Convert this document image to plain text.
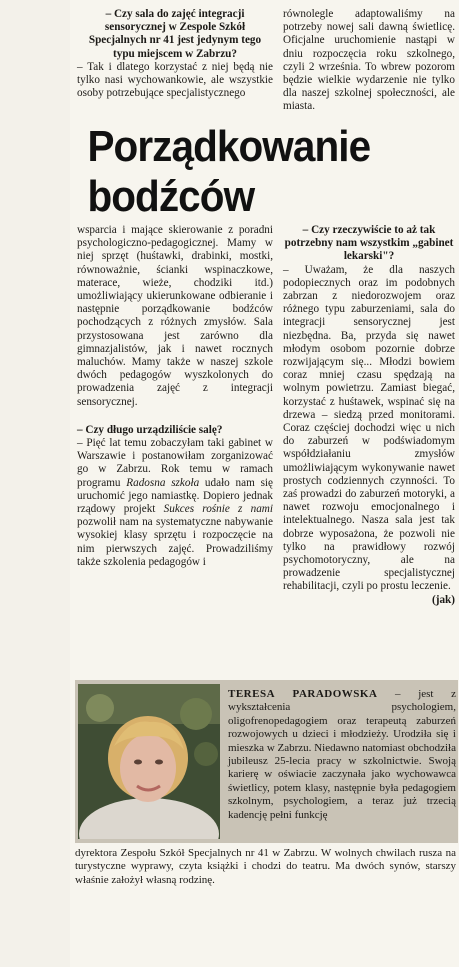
– Czy sala do zajęć integracji sensorycznej w Zespole Szkół Specjalnych nr 41 jest jedynym tego typu miejscem w Zabrzu?

– Tak i dlatego korzystać z niej będą nie tylko nasi wychowankowie, ale wszystkie osoby potrzebujące specjalistycznego

równolegle adaptowaliśmy na potrzeby nowej sali dawną świetlicę. Oficjalne uruchomienie nastąpi w dniu rozpoczęcia roku szkolnego, czyli 2 września. To wbrew pozorom będzie wielkie wydarzenie nie tylko dla naszej szkolnej społeczności, ale miasta.

Porządkowanie bodźców

wsparcia i mające skierowanie z poradni psychologiczno-pedagogicznej. Mamy w niej sprzęt (huśtawki, drabinki, mostki, równoważnie, ścianki wspinaczkowe, materace, wieże, chodziki itd.) umożliwiający ukierunkowane odbieranie i następnie porządkowanie bodźców pochodzących z różnych zmysłów. Sala przystosowana jest zarówno dla gimnazjalistów, jak i nawet rocznych maluchów. Mamy także w naszej szkole dwóch pedagogów wyszkolonych do prowadzenia zajęć z integracji sensorycznej.

– Czy długo urządziliście salę?

– Pięć lat temu zobaczyłam taki gabinet w Warszawie i postanowiłam zorganizować go w Zabrzu. Rok temu w ramach programu Radosna szkoła udało nam się uruchomić jego namiastkę. Dopiero jednak rządowy projekt Sukces rośnie z nami pozwolił nam na systematyczne nabywanie wysokiej klasy sprzętu i rozpoczęcie na nim pierwszych zajęć. Prowadziliśmy także szkolenia pedagogów i

– Czy rzeczywiście to aż tak potrzebny nam wszystkim „gabinet lekarski"?

– Uważam, że dla naszych podopiecznych oraz im podobnych zabrzan z niedorozwojem oraz różnego typu zaburzeniami, sala do integracji sensorycznej jest niezbędna. Ba, przyda się nawet młodym osobom pozornie dobrze rozwijającym się... Młodzi bowiem coraz mniej czasu spędzają na wolnym powietrzu. Zamiast biegać, korzystać z huśtawek, wspinać się na drzewa – siedzą przed monitorami. Coraz częściej dochodzi więc u nich do zaburzeń w podświadomym współdziałaniu zmysłów umożliwiającym wykonywanie nawet prostych codziennych czynności. To zaś prowadzi do zaburzeń motoryki, a nawet rozwoju emocjonalnego i intelektualnego. Nasza sala jest tak dobrze wyposażona, że pozwoli nie tylko na prawidłowy rozwój psychomotoryczny, ale na prowadzenie specjalistycznej rehabilitacji, czyli po prostu leczenie.
(jak)

TERESA PARADOWSKA – jest z wykształcenia psychologiem, oligofrenopedagogiem oraz terapeutą zaburzeń rozwojowych u dzieci i młodzieży. Urodziła się i mieszka w Zabrzu. Niedawno natomiast obchodziła jubileusz 25-lecia pracy w szkolnictwie. Swoją karierę w oświacie zaczynała jako wychowawca świetlicy, potem klasy, następnie była pedagogiem szkolnym, psychologiem, a teraz już trzecią kadencję pełni funkcję
dyrektora Zespołu Szkół Specjalnych nr 41 w Zabrzu. W wolnych chwilach rusza na turystyczne wyprawy, czyta książki i chodzi do teatru. Ma dwóch synów, starszy właśnie założył własną rodzinę.
